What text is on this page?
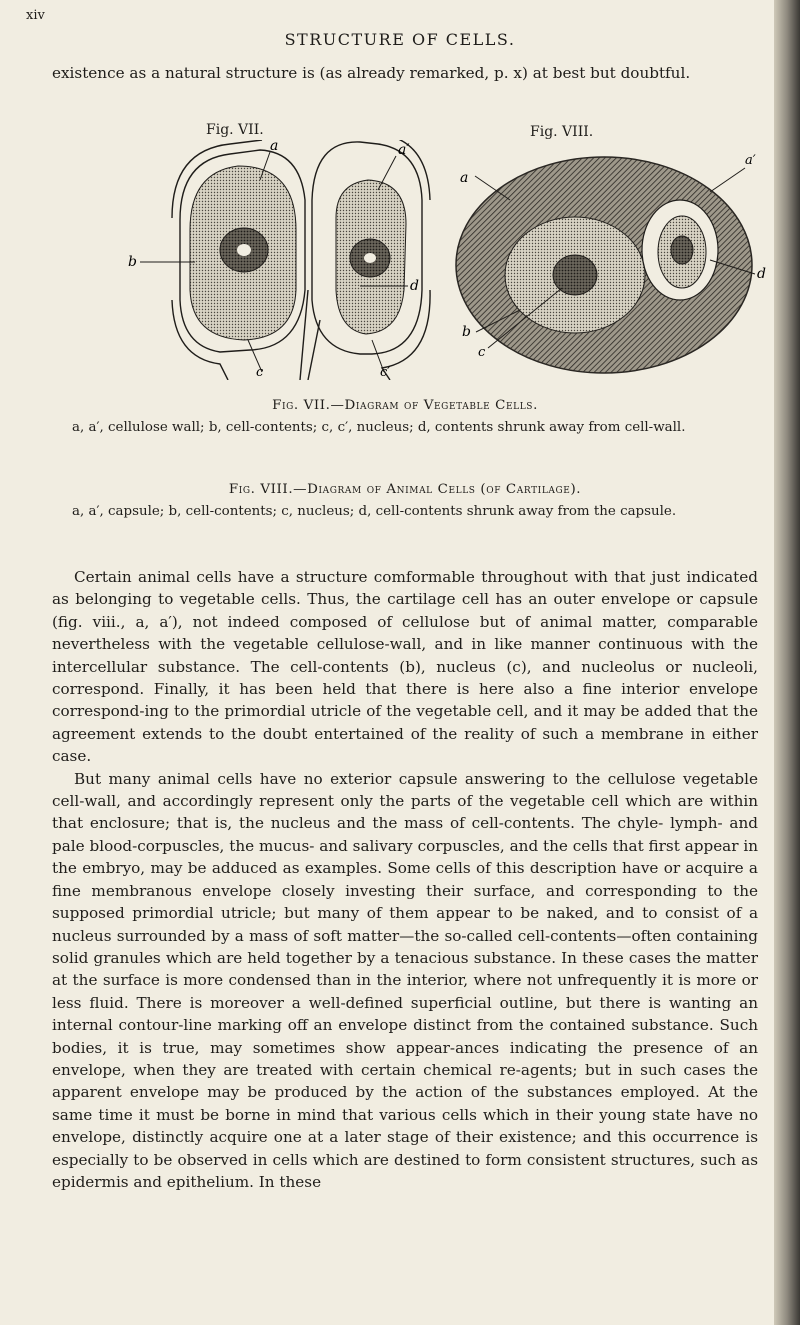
xiv
STRUCTURE OF CELLS.

existence as a natural structure is (as already remarked, p. x) at best but doubtful.

Fig. VII.	Fig. VIII.
a	a′
b
d
c	c′
a
a′
d
b
c
Fig. VII.—Diagram of Vegetable Cells.

a, a′, cellulose wall; b, cell-contents; c, c′, nucleus; d, contents shrunk away from cell-wall.

Fig. VIII.—Diagram of Animal Cells (of Cartilage).

a, a′, capsule; b, cell-contents; c, nucleus; d, cell-contents shrunk away from the capsule.

Certain animal cells have a structure comformable throughout with that just indicated as belonging to vegetable cells. Thus, the cartilage cell has an outer envelope or capsule (fig. viii., a, a′), not indeed composed of cellulose but of animal matter, comparable nevertheless with the vegetable cellulose-wall, and in like manner continuous with the intercellular substance. The cell-contents (b), nucleus (c), and nucleolus or nucleoli, correspond. Finally, it has been held that there is here also a fine interior envelope correspond-ing to the primordial utricle of the vegetable cell, and it may be added that the agreement extends to the doubt entertained of the reality of such a membrane in either case.

But many animal cells have no exterior capsule answering to the cellulose vegetable cell-wall, and accordingly represent only the parts of the vegetable cell which are within that enclosure; that is, the nucleus and the mass of cell-contents. The chyle- lymph- and pale blood-corpuscles, the mucus- and salivary corpuscles, and the cells that first appear in the embryo, may be adduced as examples. Some cells of this description have or acquire a fine membranous envelope closely investing their surface, and corresponding to the supposed primordial utricle; but many of them appear to be naked, and to consist of a nucleus surrounded by a mass of soft matter—the so-called cell-contents—often containing solid granules which are held together by a tenacious substance. In these cases the matter at the surface is more condensed than in the interior, where not unfrequently it is more or less fluid. There is moreover a well-defined superficial outline, but there is wanting an internal contour-line marking off an envelope distinct from the contained substance. Such bodies, it is true, may sometimes show appear-ances indicating the presence of an envelope, when they are treated with certain chemical re-agents; but in such cases the apparent envelope may be produced by the action of the substances employed. At the same time it must be borne in mind that various cells which in their young state have no envelope, distinctly acquire one at a later stage of their existence; and this occurrence is especially to be observed in cells which are destined to form consistent structures, such as epidermis and epithelium. In these
